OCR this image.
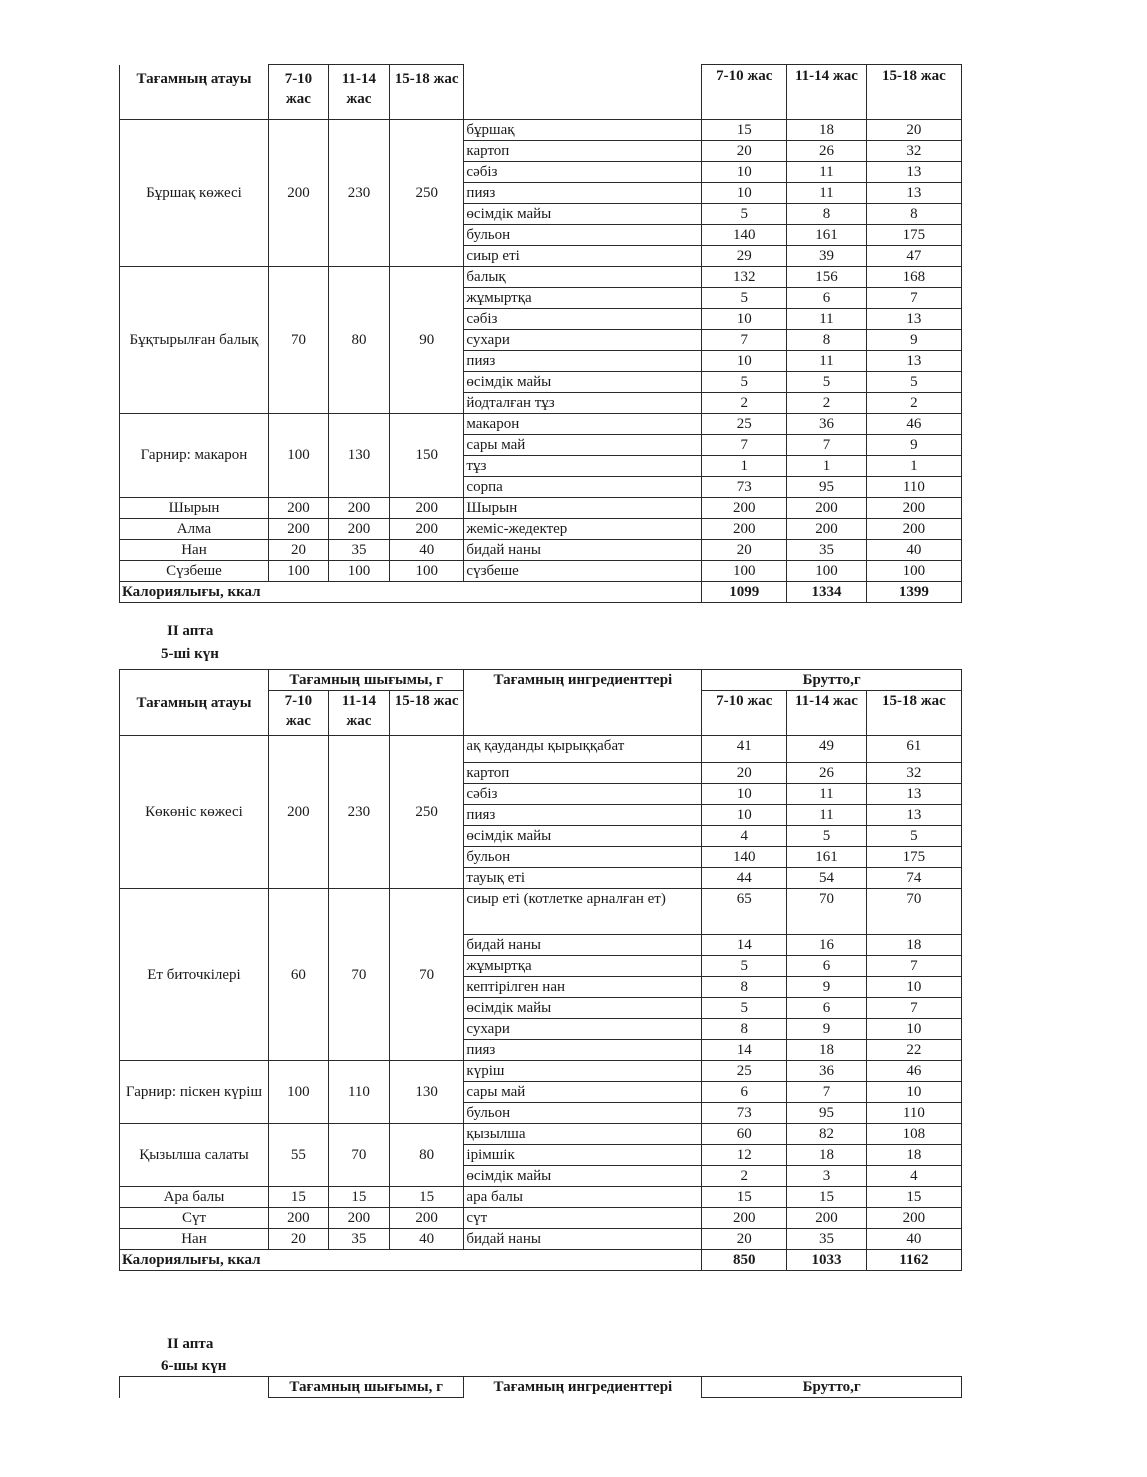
Тағамның атауы	7-10 жас	11-14 жас	15-18 жас		7-10 жас	11-14 жас	15-18 жас
Бұршақ көжесі	200	230	250	бұршақ	15	18	20
				картоп	20	26	32
				сәбіз	10	11	13
				пияз	10	11	13
				өсімдік майы	5	8	8
				бульон	140	161	175
				сиыр еті	29	39	47
Бұқтырылған балық	70	80	90	балық	132	156	168
				жұмыртқа	5	6	7
				сәбіз	10	11	13
				сухари	7	8	9
				пияз	10	11	13
				өсімдік майы	5	5	5
				йодталған тұз	2	2	2
Гарнир: макарон	100	130	150	макарон	25	36	46
				сары май	7	7	9
				тұз	1	1	1
				сорпа	73	95	110
Шырын	200	200	200	Шырын	200	200	200
Алма	200	200	200	жеміс-жедектер	200	200	200
Нан	20	35	40	бидай наны	20	35	40
Сүзбеше	100	100	100	сүзбеше	100	100	100
Калориялығы, ккал					1099	1334	1399
II апта
5-ші күн
Тағамның атауы	Тағамның шығымы, г			Тағамның ингредиенттері	Брутто,г		
	7-10 жас	11-14 жас	15-18 жас		7-10 жас	11-14 жас	15-18 жас
Көкөніс көжесі	200	230	250	ақ қауданды қырыққабат	41	49	61
				картоп	20	26	32
				сәбіз	10	11	13
				пияз	10	11	13
				өсімдік майы	4	5	5
				бульон	140	161	175
				тауық еті	44	54	74
Ет биточкілері	60	70	70	сиыр еті (котлетке арналған ет)	65	70	70
				бидай наны	14	16	18
				жұмыртқа	5	6	7
				кептірілген нан	8	9	10
				өсімдік майы	5	6	7
				сухари	8	9	10
				пияз	14	18	22
Гарнир: піскен күріш	100	110	130	күріш	25	36	46
				сары май	6	7	10
				бульон	73	95	110
Қызылша салаты	55	70	80	қызылша	60	82	108
				ірімшік	12	18	18
				өсімдік майы	2	3	4
Ара балы	15	15	15	ара балы	15	15	15
Сүт	200	200	200	сүт	200	200	200
Нан	20	35	40	бидай наны	20	35	40
Калориялығы, ккал					850	1033	1162
II апта
6-шы күн
	Тағамның шығымы, г	Тағамның ингредиенттері	Брутто,г
